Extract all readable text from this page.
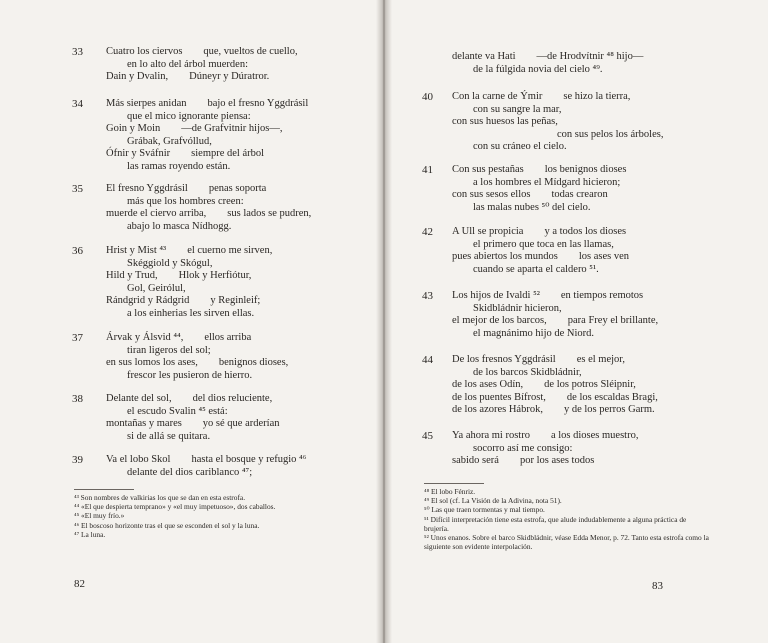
33	Cuatro los ciervos        que, vueltos de cuello,
en lo alto del árbol muerden:
Dain y Dvalin,        Dúneyr y Dúratror.
34	Más sierpes anidan        bajo el fresno Yggdrásil
que el mico ignorante piensa:
Goin y Moin        —de Grafvitnir hijos—,
Grábak, Grafvóllud,
Ófnir y Sváfnir        siempre del árbol
las ramas royendo están.
35	El fresno Yggdrásil        penas soporta
más que los hombres creen:
muerde el ciervo arriba,        sus lados se pudren,
abajo lo masca Nídhogg.
36	Hrist y Mist ⁴³        el cuerno me sirven,
Skéggiold y Skógul,
Hild y Trud,        Hlok y Herfiótur,
Gol, Geirólul,
Rándgrid y Rádgrid        y Reginleif;
a los einherias les sirven ellas.
37	Árvak y Álsvid ⁴⁴,        ellos arriba
tiran ligeros del sol;
en sus lomos los ases,        benignos dioses,
frescor les pusieron de hierro.
38	Delante del sol,        del dios reluciente,
el escudo Svalin ⁴⁵ está:
montañas y mares        yo sé que arderían
si de allá se quitara.
39	Va el lobo Skol        hasta el bosque y refugio ⁴⁶
delante del dios cariblanco ⁴⁷;
⁴³ Son nombres de valkirias los que se dan en esta estrofa.
⁴⁴ «El que despierta temprano» y «el muy impetuoso», dos caballos.
⁴⁵ «El muy frío.»
⁴⁶ El boscoso horizonte tras el que se esconden el sol y la luna.
⁴⁷ La luna.
82
delante va Hati        —de Hrodvítnir ⁴⁸ hijo—
de la fúlgida novia del cielo ⁴⁹.
40	Con la carne de Ýmir        se hizo la tierra,
con su sangre la mar,
con sus huesos las peñas,
con sus pelos los árboles,
con su cráneo el cielo.
41	Con sus pestañas        los benignos dioses
a los hombres el Mídgard hicieron;
con sus sesos ellos        todas crearon
las malas nubes ⁵⁰ del cielo.
42	A Ull se propicia        y a todos los dioses
el primero que toca en las llamas,
pues abiertos los mundos        los ases ven
cuando se aparta el caldero ⁵¹.
43	Los hijos de Ivaldi ⁵²        en tiempos remotos
Skidbládnir hicieron,
el mejor de los barcos,        para Frey el brillante,
el magnánimo hijo de Niord.
44	De los fresnos Yggdrásil        es el mejor,
de los barcos Skidbládnir,
de los ases Odín,        de los potros Sléipnir,
de los puentes Bífrost,        de los escaldas Bragi,
de los azores Hábrok,        y de los perros Garm.
45	Ya ahora mi rostro        a los dioses muestro,
socorro así me consigo:
sabido será        por los ases todos
⁴⁸ El lobo Fénriz.
⁴⁹ El sol (cf. La Visión de la Adivina, nota 51).
⁵⁰ Las que traen tormentas y mal tiempo.
⁵¹ Difícil interpretación tiene esta estrofa, que alude indudablemente a alguna práctica de brujería.
⁵² Unos enanos. Sobre el barco Skidbládnir, véase Edda Menor, p. 72. Tanto esta estrofa como la siguiente son evidente interpolación.
83
